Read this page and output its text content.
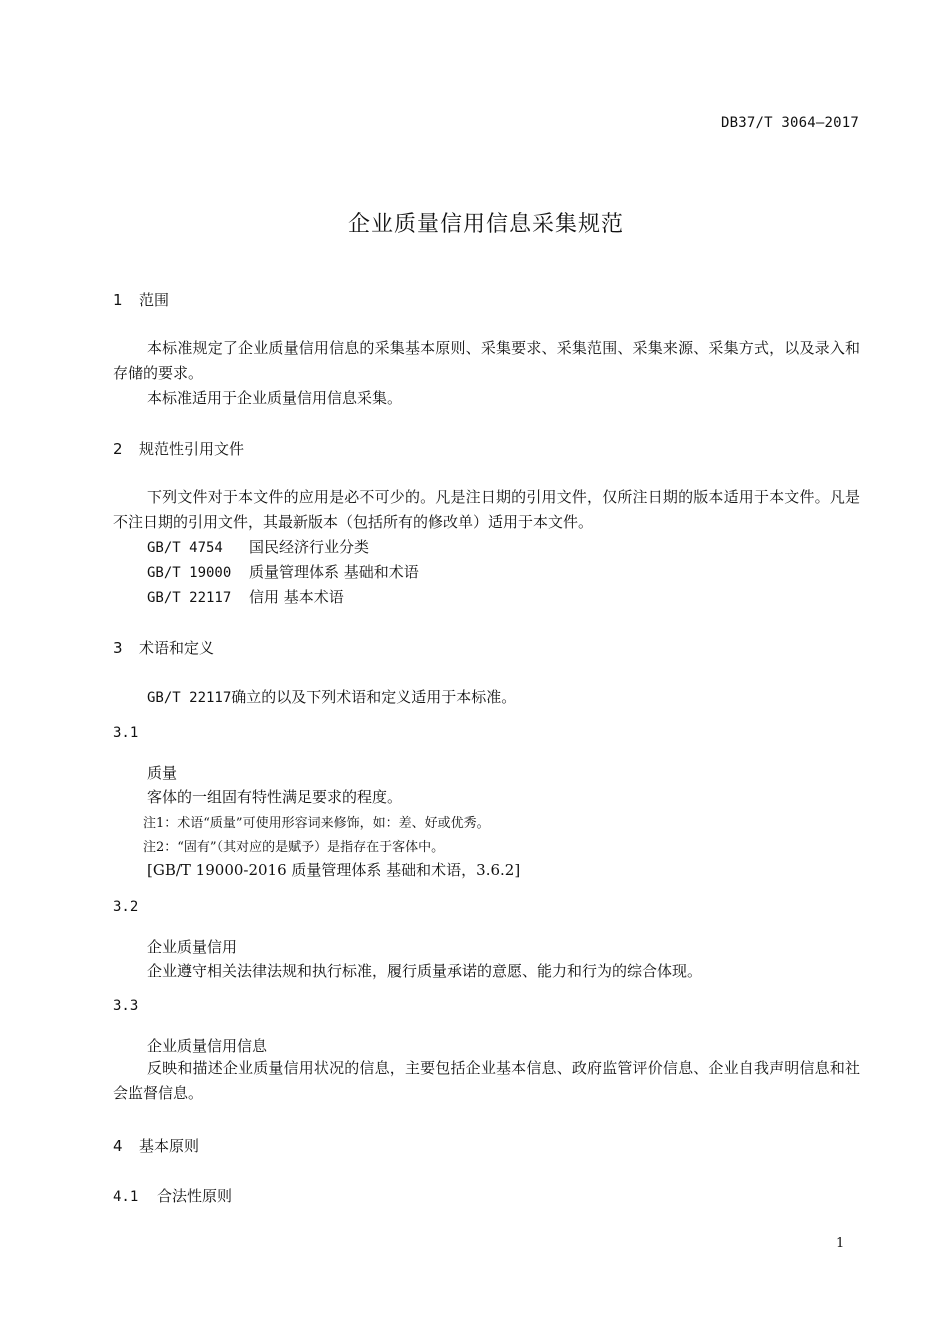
DB37/T 3064—2017
企业质量信用信息采集规范
1 范围
本标准规定了企业质量信用信息的采集基本原则、采集要求、采集范围、采集来源、采集方式，以及录入和存储的要求。
本标准适用于企业质量信用信息采集。
2 规范性引用文件
下列文件对于本文件的应用是必不可少的。凡是注日期的引用文件，仅所注日期的版本适用于本文件。凡是不注日期的引用文件，其最新版本（包括所有的修改单）适用于本文件。
GB/T 4754 国民经济行业分类
GB/T 19000 质量管理体系 基础和术语
GB/T 22117 信用 基本术语
3 术语和定义
GB/T 22117确立的以及下列术语和定义适用于本标准。
3.1
质量
客体的一组固有特性满足要求的程度。
注1：术语“质量”可使用形容词来修饰，如：差、好或优秀。
注2：“固有”（其对应的是赋予）是指存在于客体中。
[GB/T 19000-2016 质量管理体系 基础和术语，3.6.2]
3.2
企业质量信用
企业遵守相关法律法规和执行标准，履行质量承诺的意愿、能力和行为的综合体现。
3.3
企业质量信用信息
反映和描述企业质量信用状况的信息，主要包括企业基本信息、政府监管评价信息、企业自我声明信息和社会监督信息。
4 基本原则
4.1 合法性原则
1
